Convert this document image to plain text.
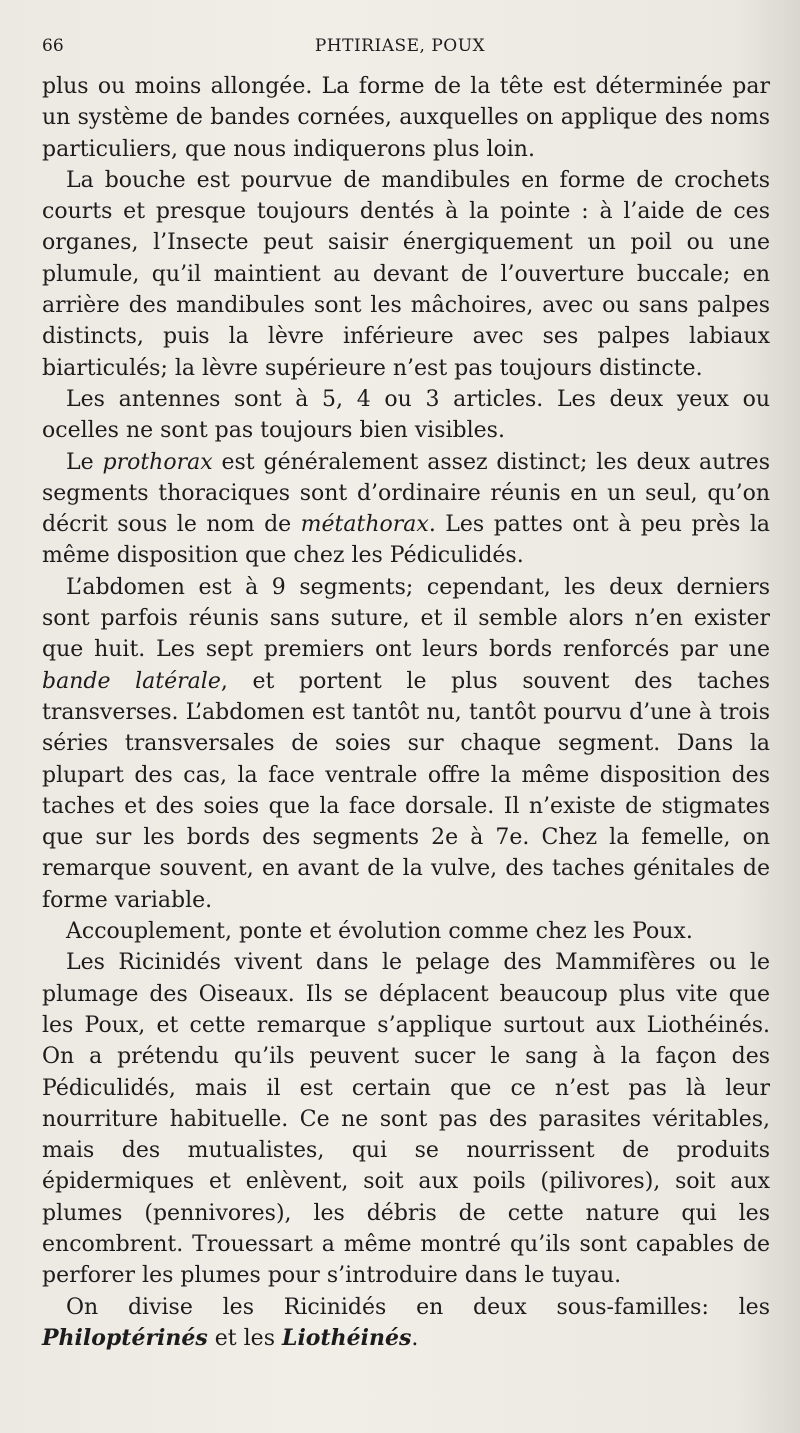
66	PHTIRIASE, POUX

plus ou moins allongée. La forme de la tête est déterminée par un système de bandes cornées, auxquelles on applique des noms particuliers, que nous indiquerons plus loin.

La bouche est pourvue de mandibules en forme de crochets courts et presque toujours dentés à la pointe : à l’aide de ces organes, l’Insecte peut saisir énergiquement un poil ou une plumule, qu’il maintient au devant de l’ouverture buccale; en arrière des mandibules sont les mâchoires, avec ou sans palpes distincts, puis la lèvre inférieure avec ses palpes labiaux biarticulés; la lèvre supérieure n’est pas toujours distincte.

Les antennes sont à 5, 4 ou 3 articles. Les deux yeux ou ocelles ne sont pas toujours bien visibles.

Le prothorax est généralement assez distinct; les deux autres segments thoraciques sont d’ordinaire réunis en un seul, qu’on décrit sous le nom de métathorax. Les pattes ont à peu près la même disposition que chez les Pédiculidés.

L’abdomen est à 9 segments; cependant, les deux derniers sont parfois réunis sans suture, et il semble alors n’en exister que huit. Les sept premiers ont leurs bords renforcés par une bande latérale, et portent le plus souvent des taches transverses. L’abdomen est tantôt nu, tantôt pourvu d’une à trois séries transversales de soies sur chaque segment. Dans la plupart des cas, la face ventrale offre la même disposition des taches et des soies que la face dorsale. Il n’existe de stigmates que sur les bords des segments 2e à 7e. Chez la femelle, on remarque souvent, en avant de la vulve, des taches génitales de forme variable.

Accouplement, ponte et évolution comme chez les Poux.

Les Ricinidés vivent dans le pelage des Mammifères ou le plumage des Oiseaux. Ils se déplacent beaucoup plus vite que les Poux, et cette remarque s’applique surtout aux Liothéinés. On a prétendu qu’ils peuvent sucer le sang à la façon des Pédiculidés, mais il est certain que ce n’est pas là leur nourriture habituelle. Ce ne sont pas des parasites véritables, mais des mutualistes, qui se nourrissent de produits épidermiques et enlèvent, soit aux poils (pilivores), soit aux plumes (pennivores), les débris de cette nature qui les encombrent. Trouessart a même montré qu’ils sont capables de perforer les plumes pour s’introduire dans le tuyau.

On divise les Ricinidés en deux sous-familles: les Philoptérinés et les Liothéinés.
